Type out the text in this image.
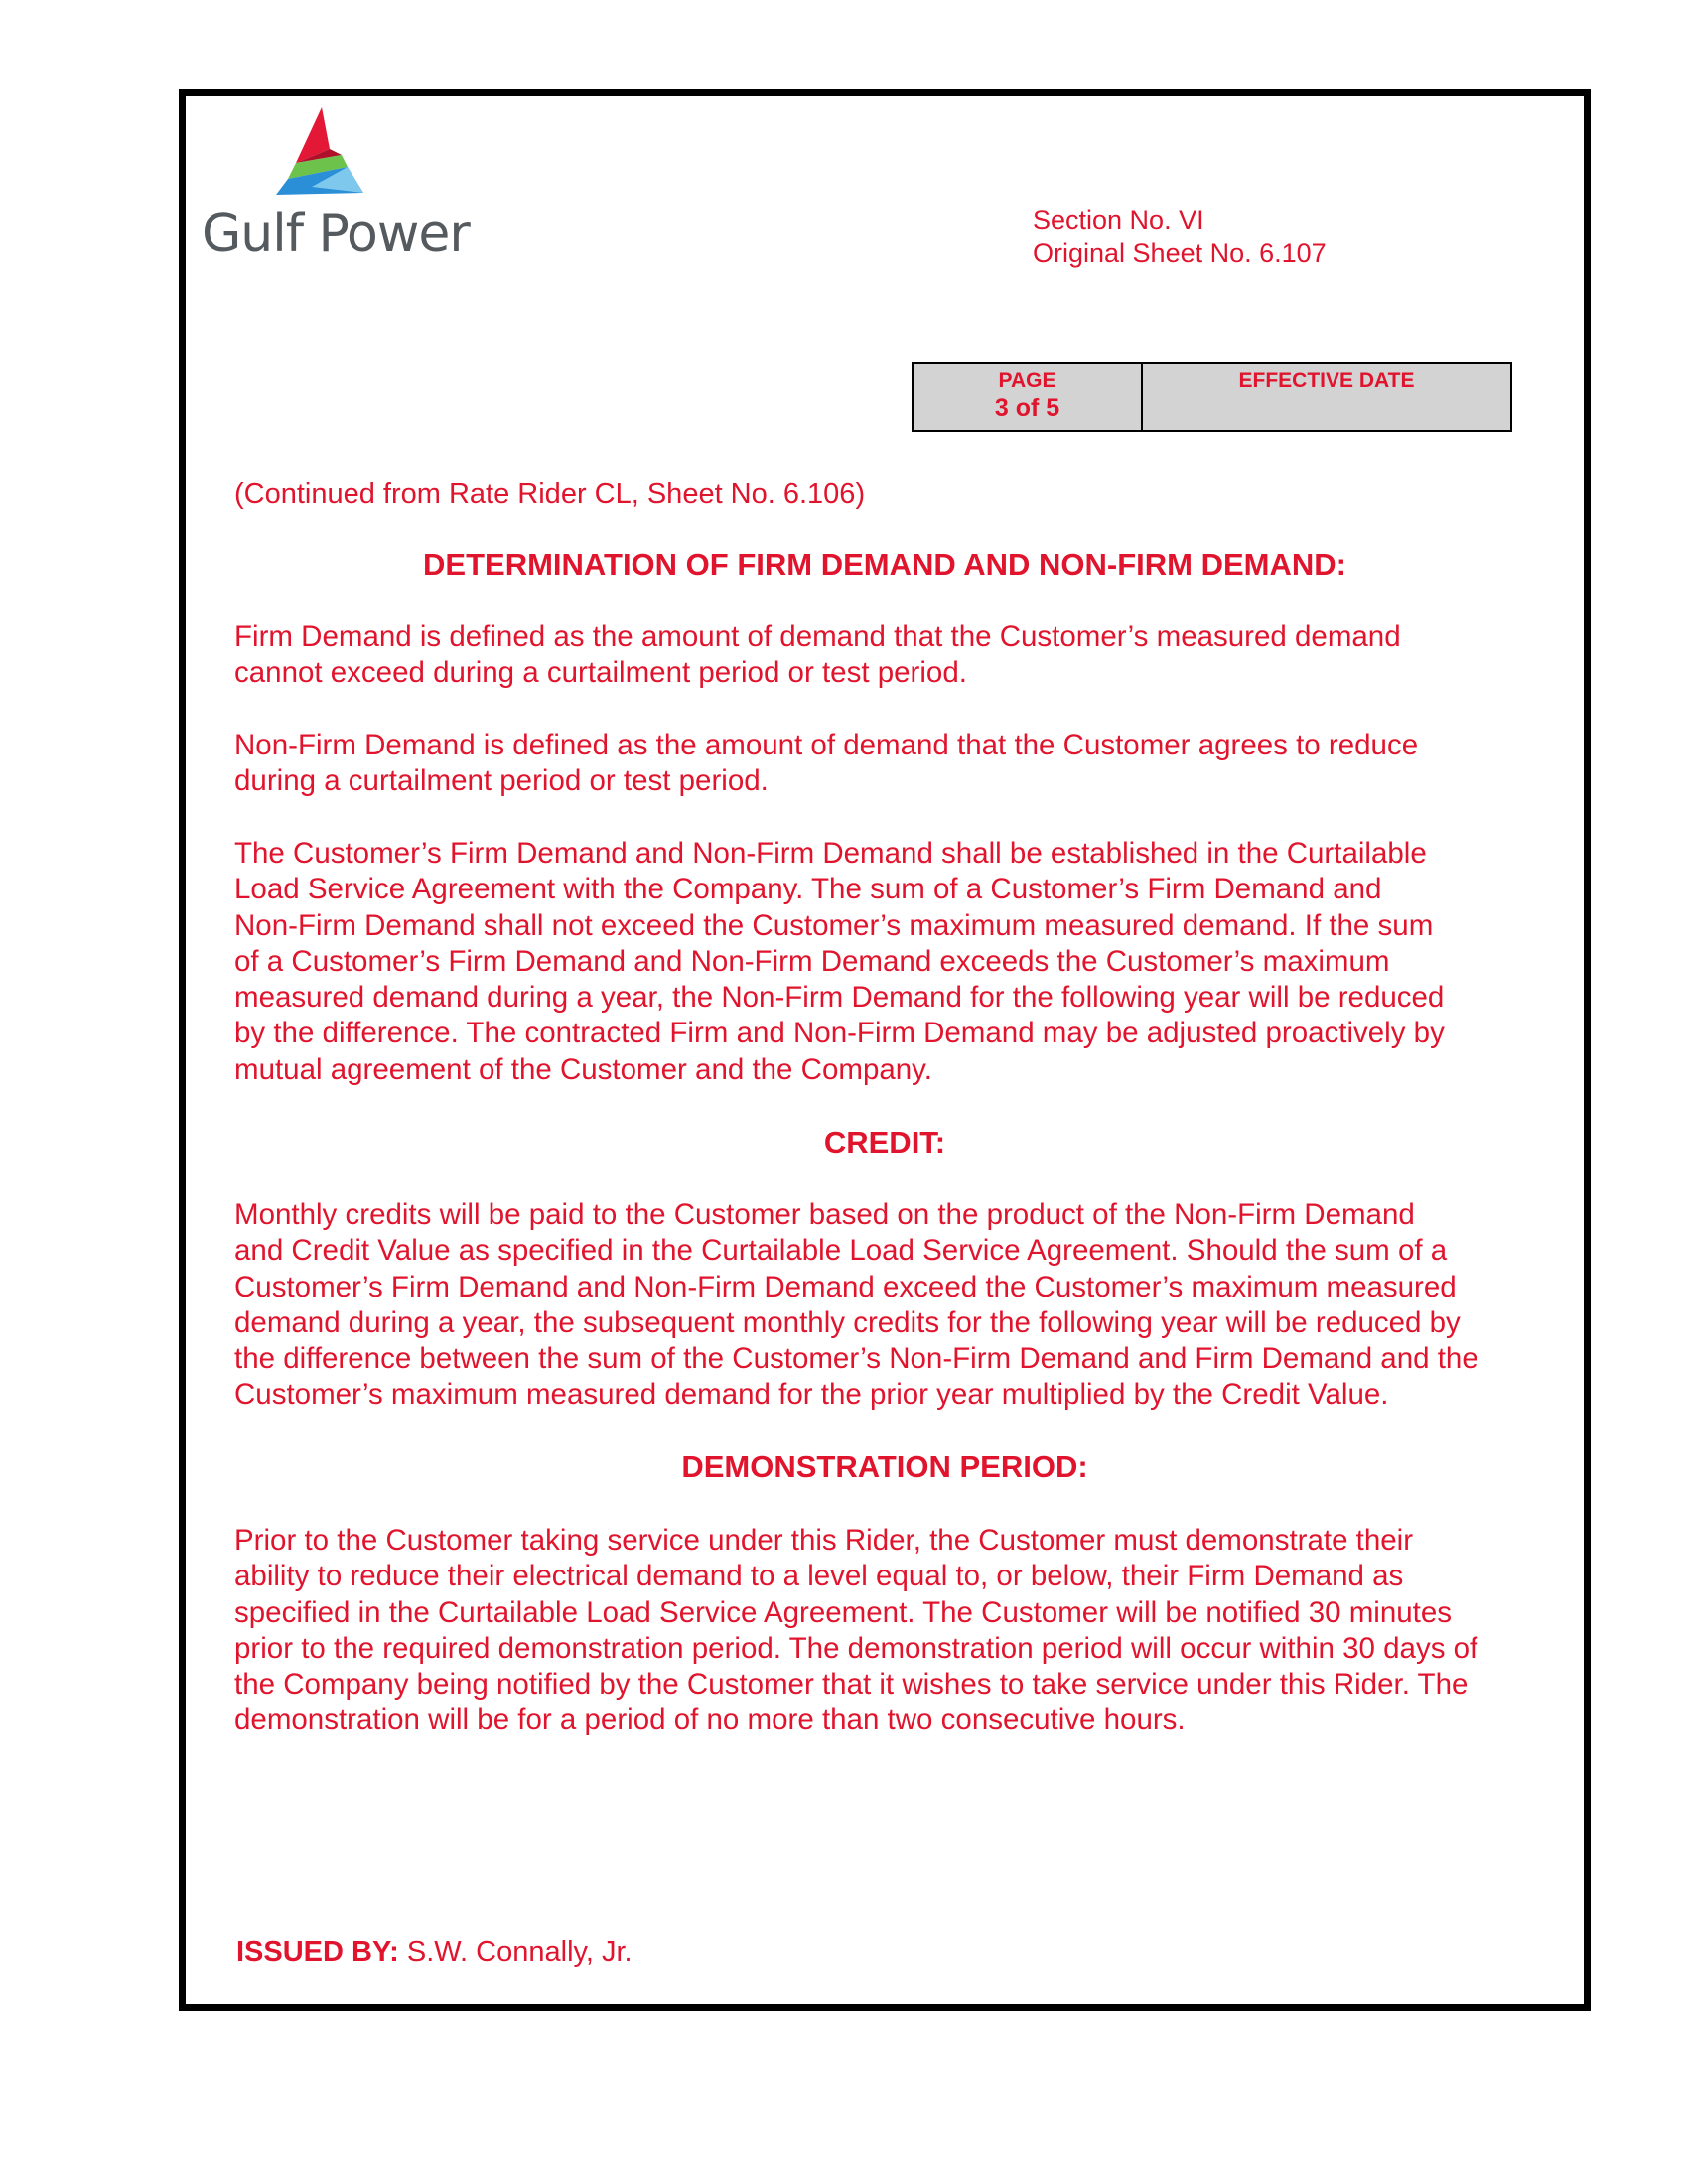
Gulf Power	Section No. VI
Original Sheet No. 6.107
PAGE
3 of 5
EFFECTIVE DATE
(Continued from Rate Rider CL, Sheet No. 6.106)
DETERMINATION OF FIRM DEMAND AND NON-FIRM DEMAND:
Firm Demand is defined as the amount of demand that the Customer’s measured demand
cannot exceed during a curtailment period or test period.
Non-Firm Demand is defined as the amount of demand that the Customer agrees to reduce
during a curtailment period or test period.
The Customer’s Firm Demand and Non-Firm Demand shall be established in the Curtailable
Load Service Agreement with the Company. The sum of a Customer’s Firm Demand and
Non-Firm Demand shall not exceed the Customer’s maximum measured demand. If the sum
of a Customer’s Firm Demand and Non-Firm Demand exceeds the Customer’s maximum
measured demand during a year, the Non-Firm Demand for the following year will be reduced
by the difference. The contracted Firm and Non-Firm Demand may be adjusted proactively by
mutual agreement of the Customer and the Company.
CREDIT:
Monthly credits will be paid to the Customer based on the product of the Non-Firm Demand
and Credit Value as specified in the Curtailable Load Service Agreement. Should the sum of a
Customer’s Firm Demand and Non-Firm Demand exceed the Customer’s maximum measured
demand during a year, the subsequent monthly credits for the following year will be reduced by
the difference between the sum of the Customer’s Non-Firm Demand and Firm Demand and the
Customer’s maximum measured demand for the prior year multiplied by the Credit Value.
DEMONSTRATION PERIOD:
Prior to the Customer taking service under this Rider, the Customer must demonstrate their
ability to reduce their electrical demand to a level equal to, or below, their Firm Demand as
specified in the Curtailable Load Service Agreement. The Customer will be notified 30 minutes
prior to the required demonstration period. The demonstration period will occur within 30 days of
the Company being notified by the Customer that it wishes to take service under this Rider. The
demonstration will be for a period of no more than two consecutive hours.
ISSUED BY: S.W. Connally, Jr.
